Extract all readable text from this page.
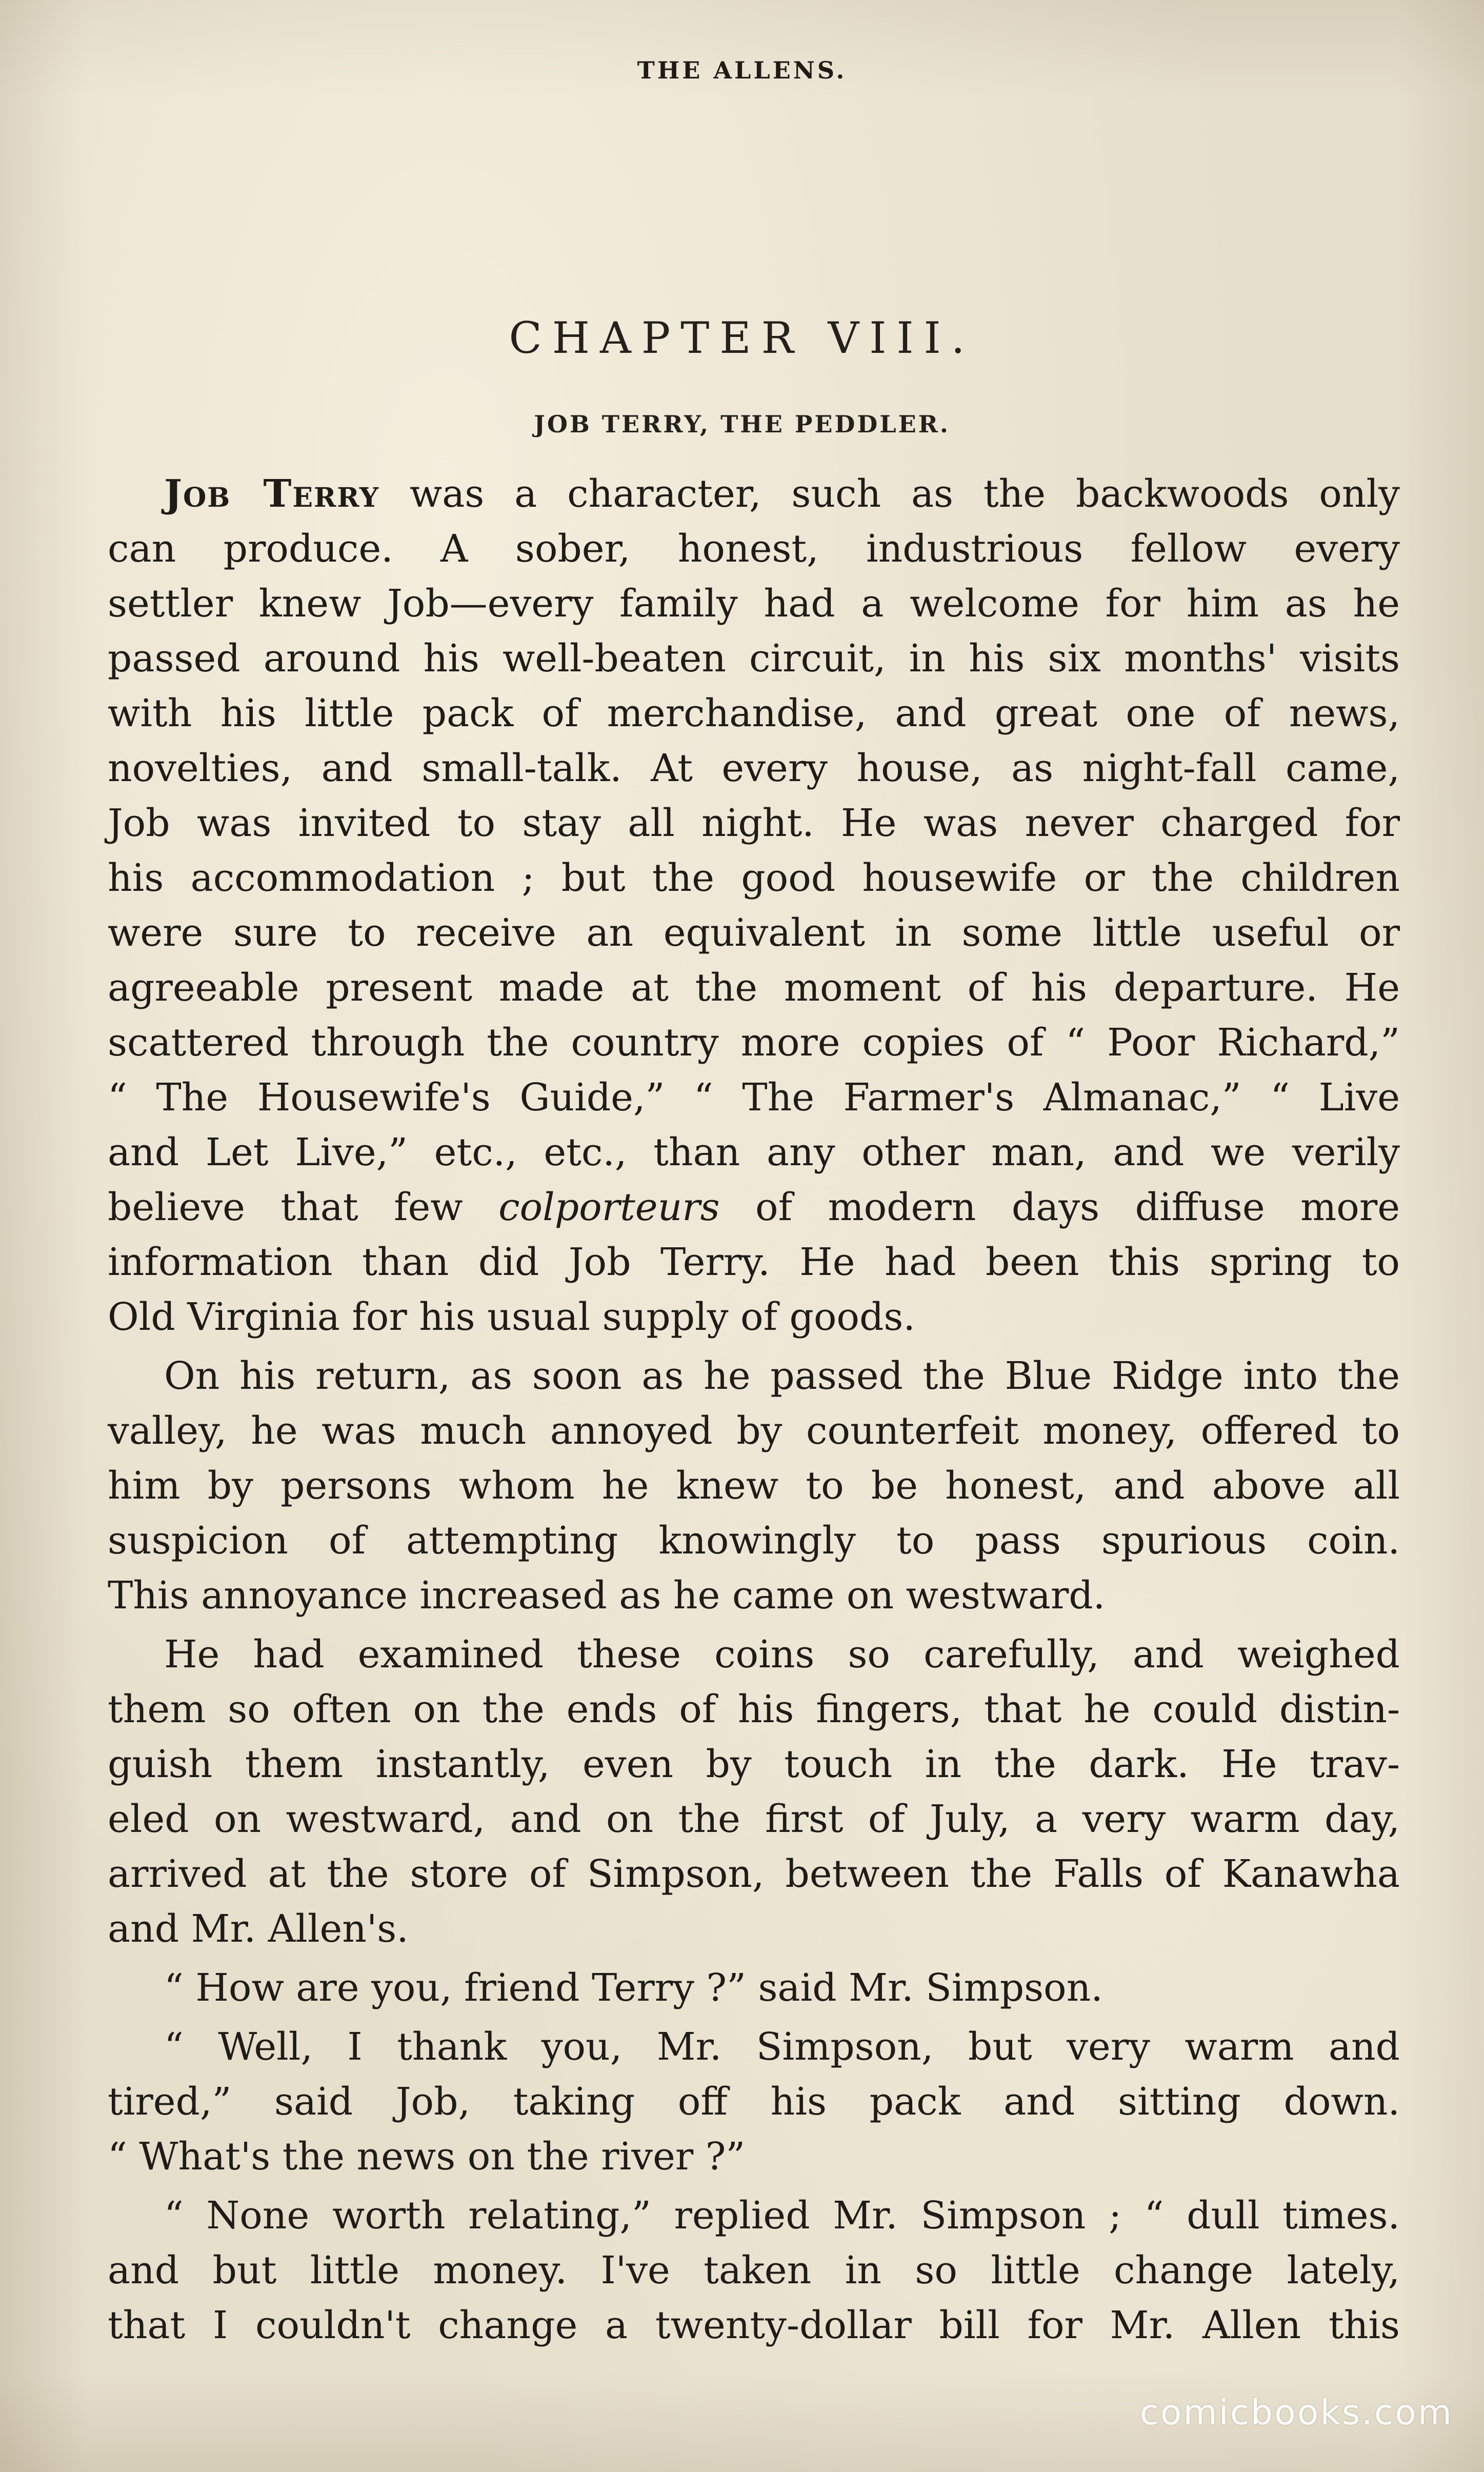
THE ALLENS.
CHAPTER VIII.
JOB TERRY, THE PEDDLER.
Job Terry was a character, such as the backwoods only
can produce. A sober, honest, industrious fellow every
settler knew Job—every family had a welcome for him as he
passed around his well-beaten circuit, in his six months' visits
with his little pack of merchandise, and great one of news,
novelties, and small-talk. At every house, as night-fall came,
Job was invited to stay all night. He was never charged for
his accommodation ; but the good housewife or the children
were sure to receive an equivalent in some little useful or
agreeable present made at the moment of his departure. He
scattered through the country more copies of “ Poor Richard,”
“ The Housewife's Guide,” “ The Farmer's Almanac,” “ Live
and Let Live,” etc., etc., than any other man, and we verily
believe that few colporteurs of modern days diffuse more
information than did Job Terry. He had been this spring to
Old Virginia for his usual supply of goods.
On his return, as soon as he passed the Blue Ridge into the
valley, he was much annoyed by counterfeit money, offered to
him by persons whom he knew to be honest, and above all
suspicion of attempting knowingly to pass spurious coin.
This annoyance increased as he came on westward.
He had examined these coins so carefully, and weighed
them so often on the ends of his fingers, that he could distin-
guish them instantly, even by touch in the dark. He trav-
eled on westward, and on the first of July, a very warm day,
arrived at the store of Simpson, between the Falls of Kanawha
and Mr. Allen's.
“ How are you, friend Terry ?” said Mr. Simpson.
“ Well, I thank you, Mr. Simpson, but very warm and
tired,” said Job, taking off his pack and sitting down.
“ What's the news on the river ?”
“ None worth relating,” replied Mr. Simpson ; “ dull times.
and but little money. I've taken in so little change lately,
that I couldn't change a twenty-dollar bill for Mr. Allen this
comicbooks.com
